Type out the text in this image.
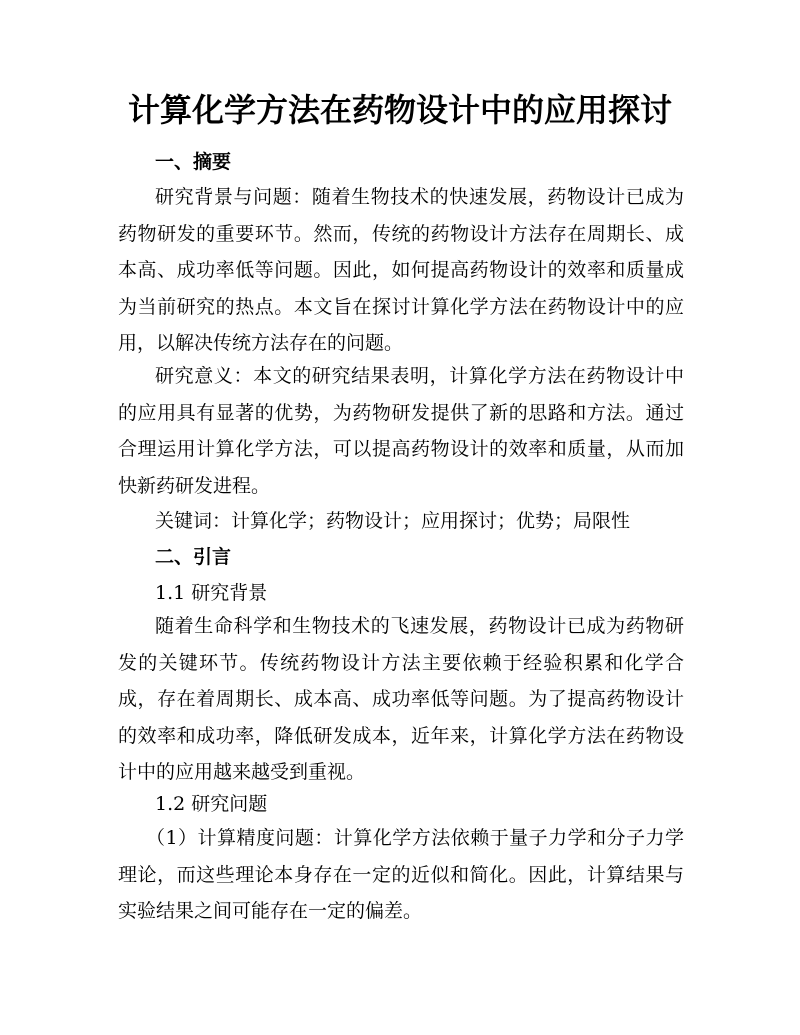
计算化学方法在药物设计中的应用探讨

一、摘要

研究背景与问题：随着生物技术的快速发展，药物设计已成为药物研发的重要环节。然而，传统的药物设计方法存在周期长、成本高、成功率低等问题。因此，如何提高药物设计的效率和质量成为当前研究的热点。本文旨在探讨计算化学方法在药物设计中的应用，以解决传统方法存在的问题。

研究意义：本文的研究结果表明，计算化学方法在药物设计中的应用具有显著的优势，为药物研发提供了新的思路和方法。通过合理运用计算化学方法，可以提高药物设计的效率和质量，从而加快新药研发进程。

关键词：计算化学；药物设计；应用探讨；优势；局限性

二、引言

1.1 研究背景

随着生命科学和生物技术的飞速发展，药物设计已成为药物研发的关键环节。传统药物设计方法主要依赖于经验积累和化学合成，存在着周期长、成本高、成功率低等问题。为了提高药物设计的效率和成功率，降低研发成本，近年来，计算化学方法在药物设计中的应用越来越受到重视。

1.2 研究问题

（1）计算精度问题：计算化学方法依赖于量子力学和分子力学理论，而这些理论本身存在一定的近似和简化。因此，计算结果与实验结果之间可能存在一定的偏差。
